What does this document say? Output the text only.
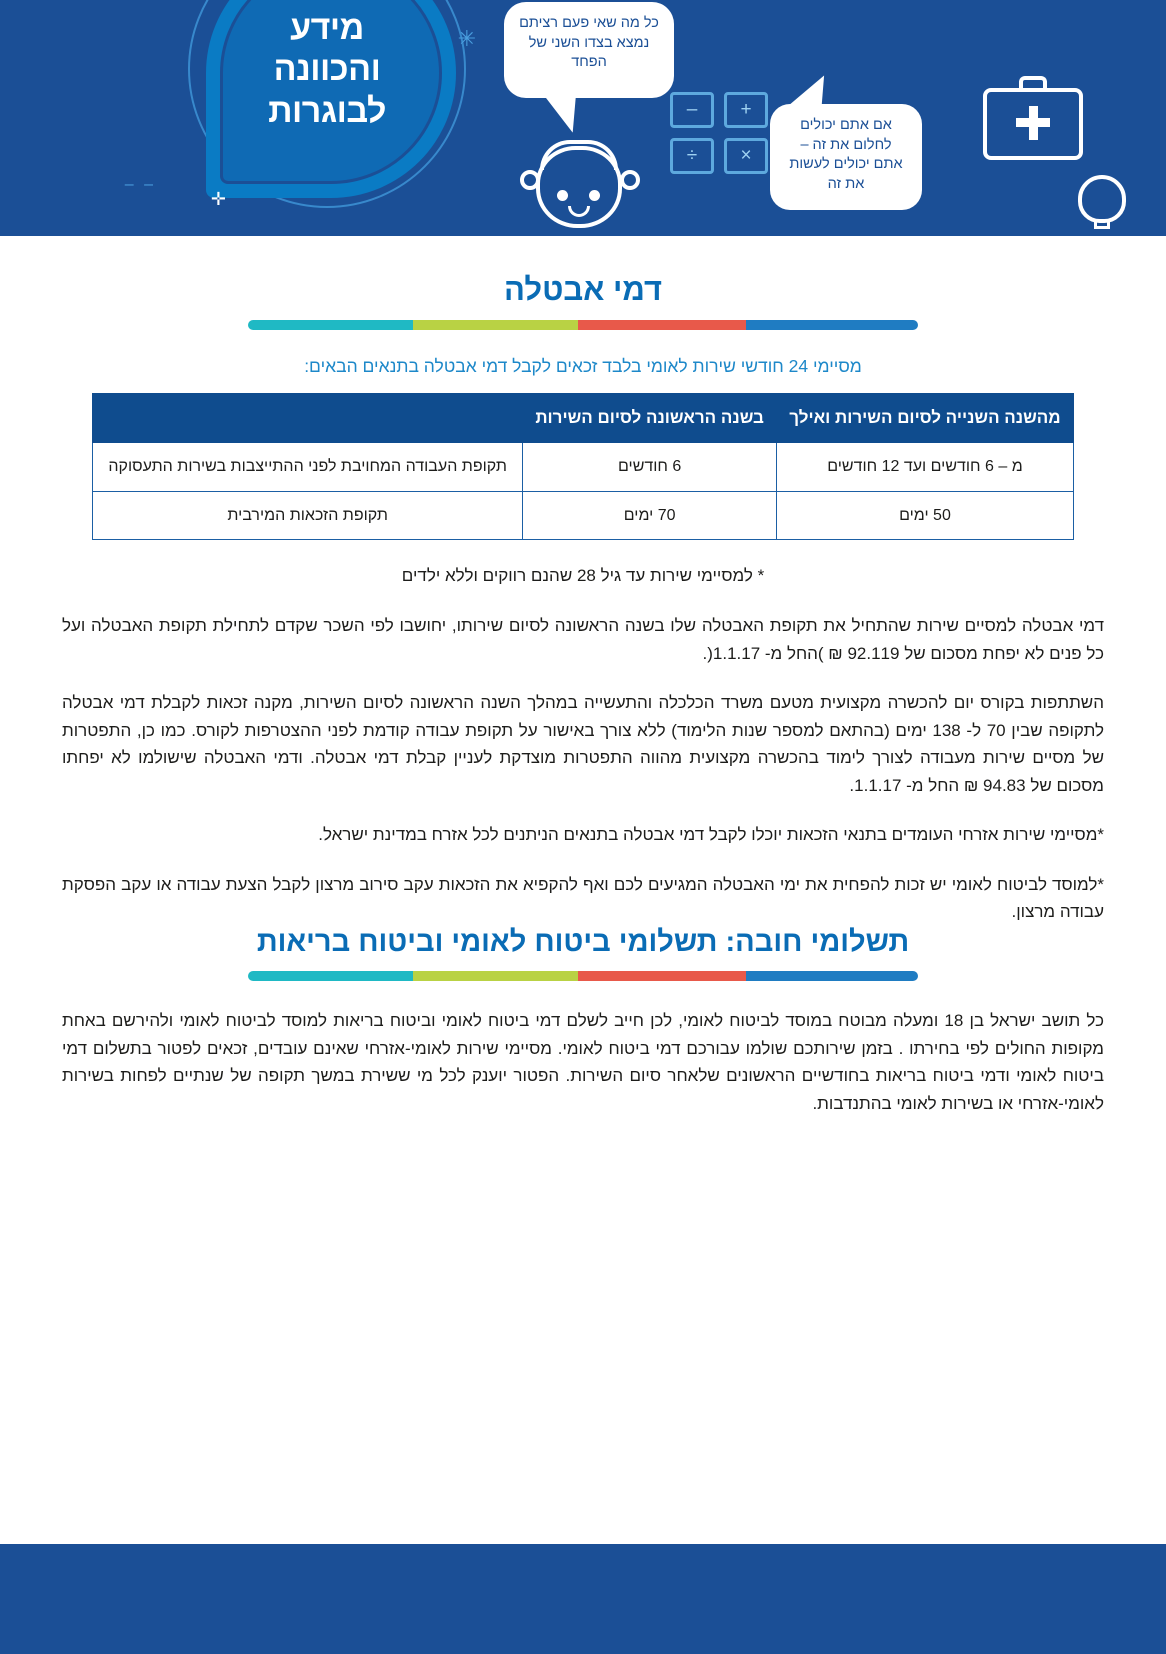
מידע
והכוונה
לבוגרות	+
–
×
÷
אם אתם יכולים לחלום את זה – אתם יכולים לעשות את זה
כל מה שאי פעם רציתם נמצא בצדו השני של הפחד
✳
✛
– –
דמי אבטלה

מסיימי 24 חודשי שירות לאומי בלבד זכאים לקבל דמי אבטלה בתנאים הבאים:

מהשנה השנייה לסיום השירות ואילך	בשנה הראשונה לסיום השירות	
מ – 6 חודשים ועד 12 חודשים	6 חודשים	תקופת העבודה המחויבת לפני ההתייצבות בשירות התעסוקה
50 ימים	70 ימים	תקופת הזכאות המירבית

* למסיימי שירות עד גיל 28 שהנם רווקים וללא ילדים

דמי אבטלה למסיים שירות שהתחיל את תקופת האבטלה שלו בשנה הראשונה לסיום שירותו, יחושבו לפי השכר שקדם לתחילת תקופת האבטלה ועל כל פנים לא יפחת מסכום של 92.119 ₪ )החל מ- 1.1.17(.

השתתפות בקורס יום להכשרה מקצועית מטעם משרד הכלכלה והתעשייה במהלך השנה הראשונה לסיום השירות, מקנה זכאות לקבלת דמי אבטלה לתקופה שבין 70 ל- 138 ימים (בהתאם למספר שנות הלימוד) ללא צורך באישור על תקופת עבודה קודמת לפני ההצטרפות לקורס. כמו כן, התפטרות של מסיים שירות מעבודה לצורך לימוד בהכשרה מקצועית מהווה התפטרות מוצדקת לעניין קבלת דמי אבטלה. ודמי האבטלה שישולמו לא יפחתו מסכום של 94.83 ₪ החל מ- 1.1.17.

*מסיימי שירות אזרחי העומדים בתנאי הזכאות יוכלו לקבל דמי אבטלה בתנאים הניתנים לכל אזרח במדינת ישראל.

*למוסד לביטוח לאומי יש זכות להפחית את ימי האבטלה המגיעים לכם ואף להקפיא את הזכאות עקב סירוב מרצון לקבל הצעת עבודה או עקב הפסקת עבודה מרצון.

תשלומי חובה: תשלומי ביטוח לאומי וביטוח בריאות

כל תושב ישראל בן 18 ומעלה מבוטח במוסד לביטוח לאומי, לכן חייב לשלם דמי ביטוח לאומי וביטוח בריאות למוסד לביטוח לאומי ולהירשם באחת מקופות החולים לפי בחירתו . בזמן שירותכם שולמו עבורכם דמי ביטוח לאומי. מסיימי שירות לאומי-אזרחי שאינם עובדים, זכאים לפטור בתשלום דמי ביטוח לאומי ודמי ביטוח בריאות בחודשיים הראשונים שלאחר סיום השירות. הפטור יוענק לכל מי ששירת במשך תקופה של שנתיים לפחות בשירות לאומי-אזרחי או בשירות לאומי בהתנדבות.
